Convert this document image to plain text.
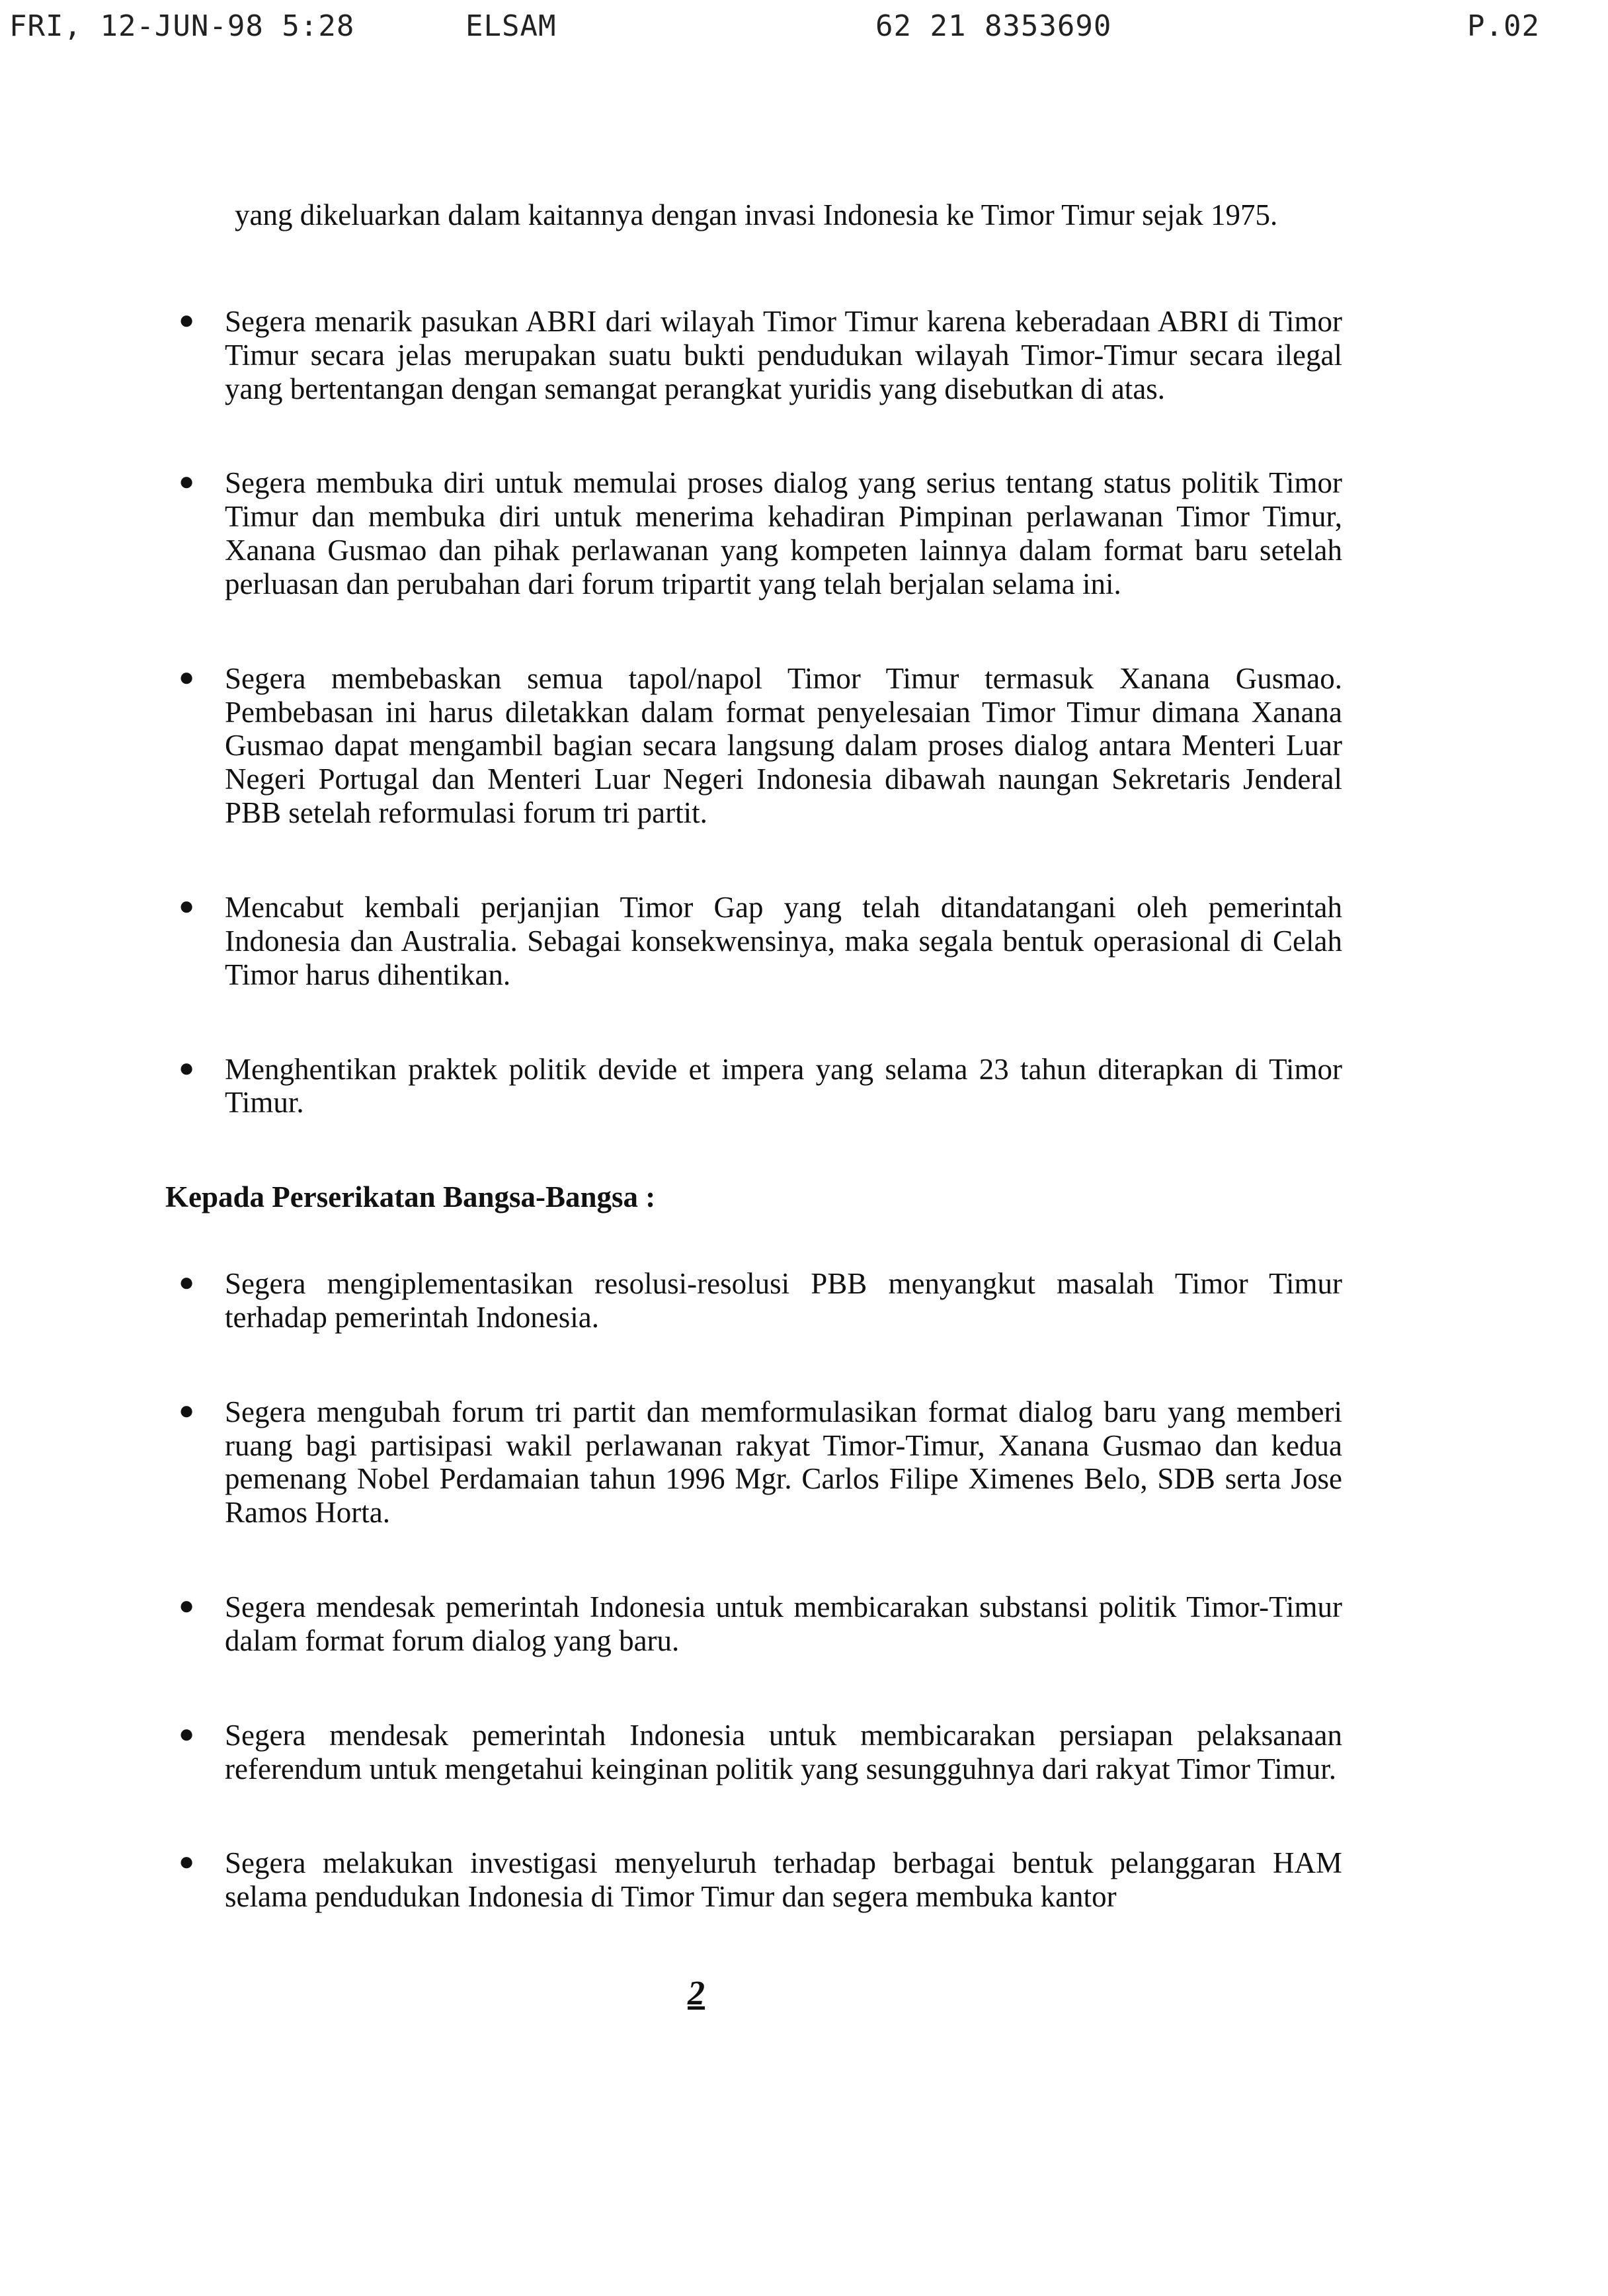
FRI, 12-JUN-98 5:28	ELSAM	62 21 8353690	P.02

yang dikeluarkan dalam kaitannya dengan invasi Indonesia ke Timor Timur sejak 1975.

● Segera menarik pasukan ABRI dari wilayah Timor Timur karena keberadaan ABRI di Timor Timur secara jelas merupakan suatu bukti pendudukan wilayah Timor-Timur secara ilegal yang bertentangan dengan semangat perangkat yuridis yang disebutkan di atas.
● Segera membuka diri untuk memulai proses dialog yang serius tentang status politik Timor Timur dan membuka diri untuk menerima kehadiran Pimpinan perlawanan Timor Timur, Xanana Gusmao dan pihak perlawanan yang kompeten lainnya dalam format baru setelah perluasan dan perubahan dari forum tripartit yang telah berjalan selama ini.
● Segera membebaskan semua tapol/napol Timor Timur termasuk Xanana Gusmao. Pembebasan ini harus diletakkan dalam format penyelesaian Timor Timur dimana Xanana Gusmao dapat mengambil bagian secara langsung dalam proses dialog antara Menteri Luar Negeri Portugal dan Menteri Luar Negeri Indonesia dibawah naungan Sekretaris Jenderal PBB setelah reformulasi forum tri partit.
● Mencabut kembali perjanjian Timor Gap yang telah ditandatangani oleh pemerintah Indonesia dan Australia. Sebagai konsekwensinya, maka segala bentuk operasional di Celah Timor harus dihentikan.
● Menghentikan praktek politik devide et impera yang selama 23 tahun diterapkan di Timor Timur.
Kepada Perserikatan Bangsa-Bangsa :
● Segera mengiplementasikan resolusi-resolusi PBB menyangkut masalah Timor Timur terhadap pemerintah Indonesia.
● Segera mengubah forum tri partit dan memformulasikan format dialog baru yang memberi ruang bagi partisipasi wakil perlawanan rakyat Timor-Timur, Xanana Gusmao dan kedua pemenang Nobel Perdamaian tahun 1996 Mgr. Carlos Filipe Ximenes Belo, SDB serta Jose Ramos Horta.
● Segera mendesak pemerintah Indonesia untuk membicarakan substansi politik Timor-Timur dalam format forum dialog yang baru.
● Segera mendesak pemerintah Indonesia untuk membicarakan persiapan pelaksanaan referendum untuk mengetahui keinginan politik yang sesungguhnya dari rakyat Timor Timur.
● Segera melakukan investigasi menyeluruh terhadap berbagai bentuk pelanggaran HAM selama pendudukan Indonesia di Timor Timur dan segera membuka kantor
2
